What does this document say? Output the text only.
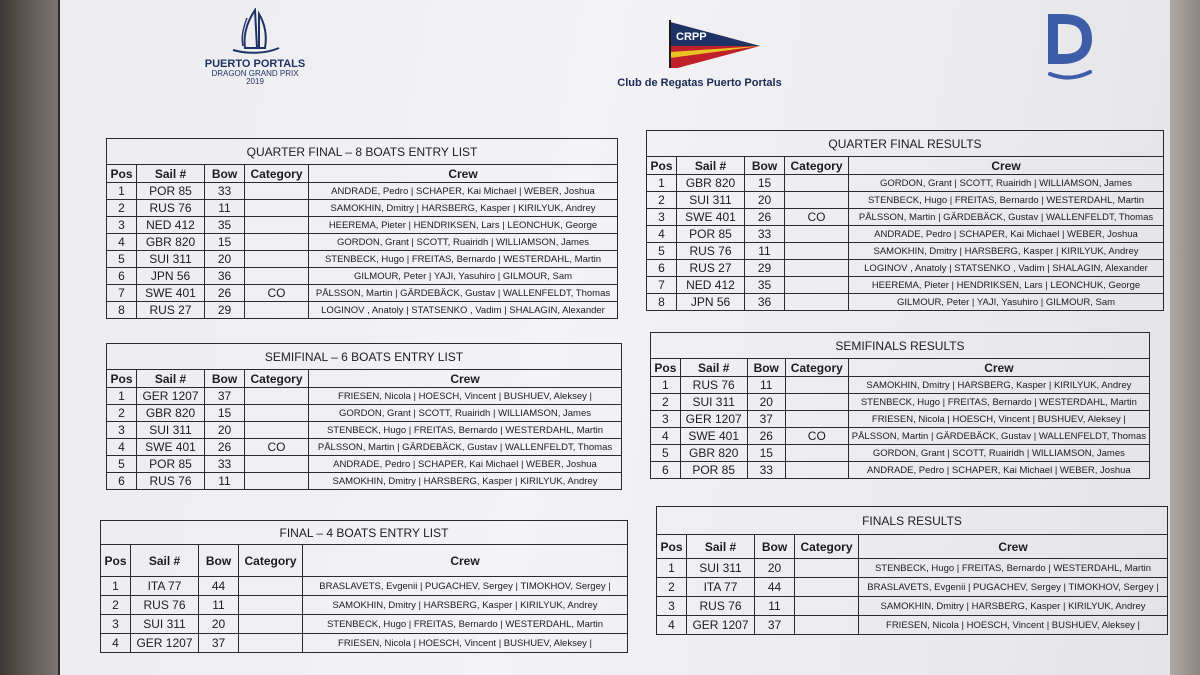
PUERTO PORTALS
DRAGON GRAND PRIX
2019
CRPP
Club de Regatas Puerto Portals
QUARTER FINAL – 8 BOATS ENTRY LIST				
Pos	Sail #	Bow	Category	Crew
1	POR 85	33		ANDRADE, Pedro | SCHAPER, Kai Michael | WEBER, Joshua
2	RUS 76	11		SAMOKHIN, Dmitry | HARSBERG, Kasper | KIRILYUK, Andrey
3	NED 412	35		HEEREMA, Pieter | HENDRIKSEN, Lars | LEONCHUK, George
4	GBR 820	15		GORDON, Grant | SCOTT, Ruairidh | WILLIAMSON, James
5	SUI 311	20		STENBECK, Hugo | FREITAS, Bernardo | WESTERDAHL, Martin
6	JPN 56	36		GILMOUR, Peter | YAJI, Yasuhiro | GILMOUR, Sam
7	SWE 401	26	CO	PÅLSSON, Martin | GÄRDEBÄCK, Gustav | WALLENFELDT, Thomas
8	RUS 27	29		LOGINOV , Anatoly | STATSENKO , Vadim | SHALAGIN, Alexander
QUARTER FINAL RESULTS				
Pos	Sail #	Bow	Category	Crew
1	GBR 820	15		GORDON, Grant | SCOTT, Ruairidh | WILLIAMSON, James
2	SUI 311	20		STENBECK, Hugo | FREITAS, Bernardo | WESTERDAHL, Martin
3	SWE 401	26	CO	PÅLSSON, Martin | GÄRDEBÄCK, Gustav | WALLENFELDT, Thomas
4	POR 85	33		ANDRADE, Pedro | SCHAPER, Kai Michael | WEBER, Joshua
5	RUS 76	11		SAMOKHIN, Dmitry | HARSBERG, Kasper | KIRILYUK, Andrey
6	RUS 27	29		LOGINOV , Anatoly | STATSENKO , Vadim | SHALAGIN, Alexander
7	NED 412	35		HEEREMA, Pieter | HENDRIKSEN, Lars | LEONCHUK, George
8	JPN 56	36		GILMOUR, Peter | YAJI, Yasuhiro | GILMOUR, Sam
SEMIFINAL – 6 BOATS ENTRY LIST				
Pos	Sail #	Bow	Category	Crew
1	GER 1207	37		FRIESEN, Nicola | HOESCH, Vincent | BUSHUEV, Aleksey |
2	GBR 820	15		GORDON, Grant | SCOTT, Ruairidh | WILLIAMSON, James
3	SUI 311	20		STENBECK, Hugo | FREITAS, Bernardo | WESTERDAHL, Martin
4	SWE 401	26	CO	PÅLSSON, Martin | GÄRDEBÄCK, Gustav | WALLENFELDT, Thomas
5	POR 85	33		ANDRADE, Pedro | SCHAPER, Kai Michael | WEBER, Joshua
6	RUS 76	11		SAMOKHIN, Dmitry | HARSBERG, Kasper | KIRILYUK, Andrey
SEMIFINALS RESULTS				
Pos	Sail #	Bow	Category	Crew
1	RUS 76	11		SAMOKHIN, Dmitry | HARSBERG, Kasper | KIRILYUK, Andrey
2	SUI 311	20		STENBECK, Hugo | FREITAS, Bernardo | WESTERDAHL, Martin
3	GER 1207	37		FRIESEN, Nicola | HOESCH, Vincent | BUSHUEV, Aleksey |
4	SWE 401	26	CO	PÅLSSON, Martin | GÄRDEBÄCK, Gustav | WALLENFELDT, Thomas
5	GBR 820	15		GORDON, Grant | SCOTT, Ruairidh | WILLIAMSON, James
6	POR 85	33		ANDRADE, Pedro | SCHAPER, Kai Michael | WEBER, Joshua
FINAL – 4 BOATS ENTRY LIST				
Pos	Sail #	Bow	Category	Crew
1	ITA 77	44		BRASLAVETS, Evgenii | PUGACHEV, Sergey | TIMOKHOV, Sergey |
2	RUS 76	11		SAMOKHIN, Dmitry | HARSBERG, Kasper | KIRILYUK, Andrey
3	SUI 311	20		STENBECK, Hugo | FREITAS, Bernardo | WESTERDAHL, Martin
4	GER 1207	37		FRIESEN, Nicola | HOESCH, Vincent | BUSHUEV, Aleksey |
FINALS RESULTS				
Pos	Sail #	Bow	Category	Crew
1	SUI 311	20		STENBECK, Hugo | FREITAS, Bernardo | WESTERDAHL, Martin
2	ITA 77	44		BRASLAVETS, Evgenii | PUGACHEV, Sergey | TIMOKHOV, Sergey |
3	RUS 76	11		SAMOKHIN, Dmitry | HARSBERG, Kasper | KIRILYUK, Andrey
4	GER 1207	37		FRIESEN, Nicola | HOESCH, Vincent | BUSHUEV, Aleksey |
